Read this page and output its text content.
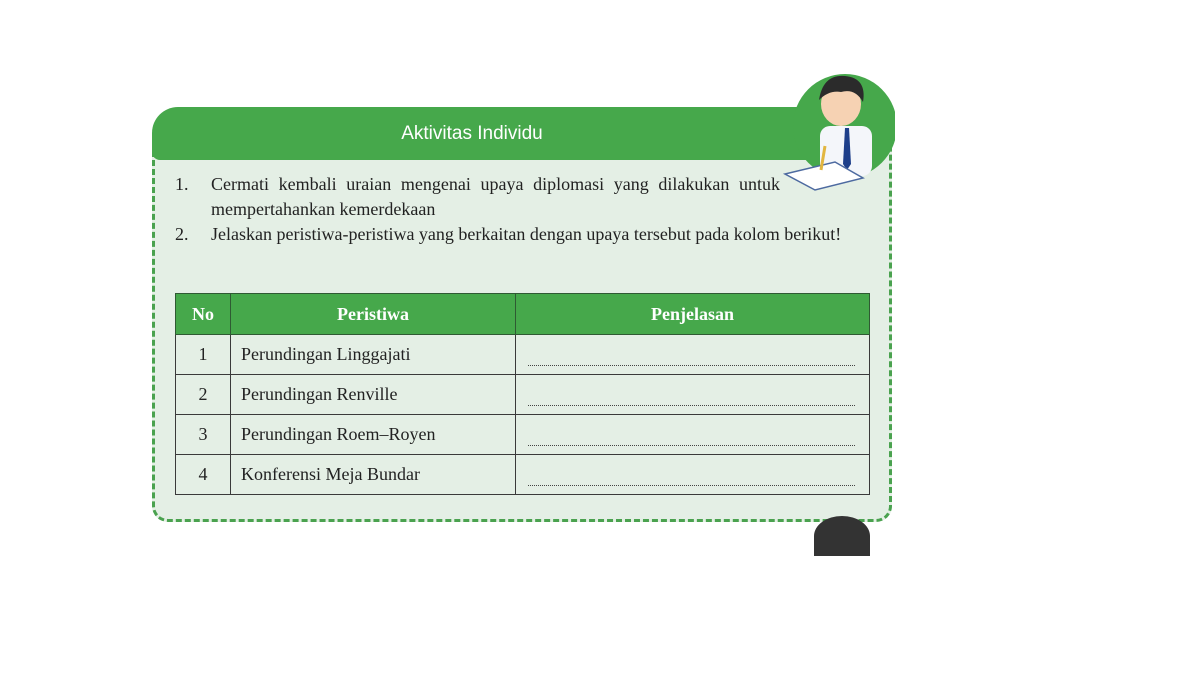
Aktivitas Individu
1.	Cermati kembali uraian mengenai upaya diplomasi yang dilakukan untuk mempertahankan kemerdekaan
2.	Jelaskan peristiwa-peristiwa yang berkaitan dengan upaya tersebut pada kolom berikut!
No	Peristiwa	Penjelasan
1	Perundingan Linggajati	

2	Perundingan Renville	

3	Perundingan Roem–Royen	

4	Konferensi Meja Bundar	
